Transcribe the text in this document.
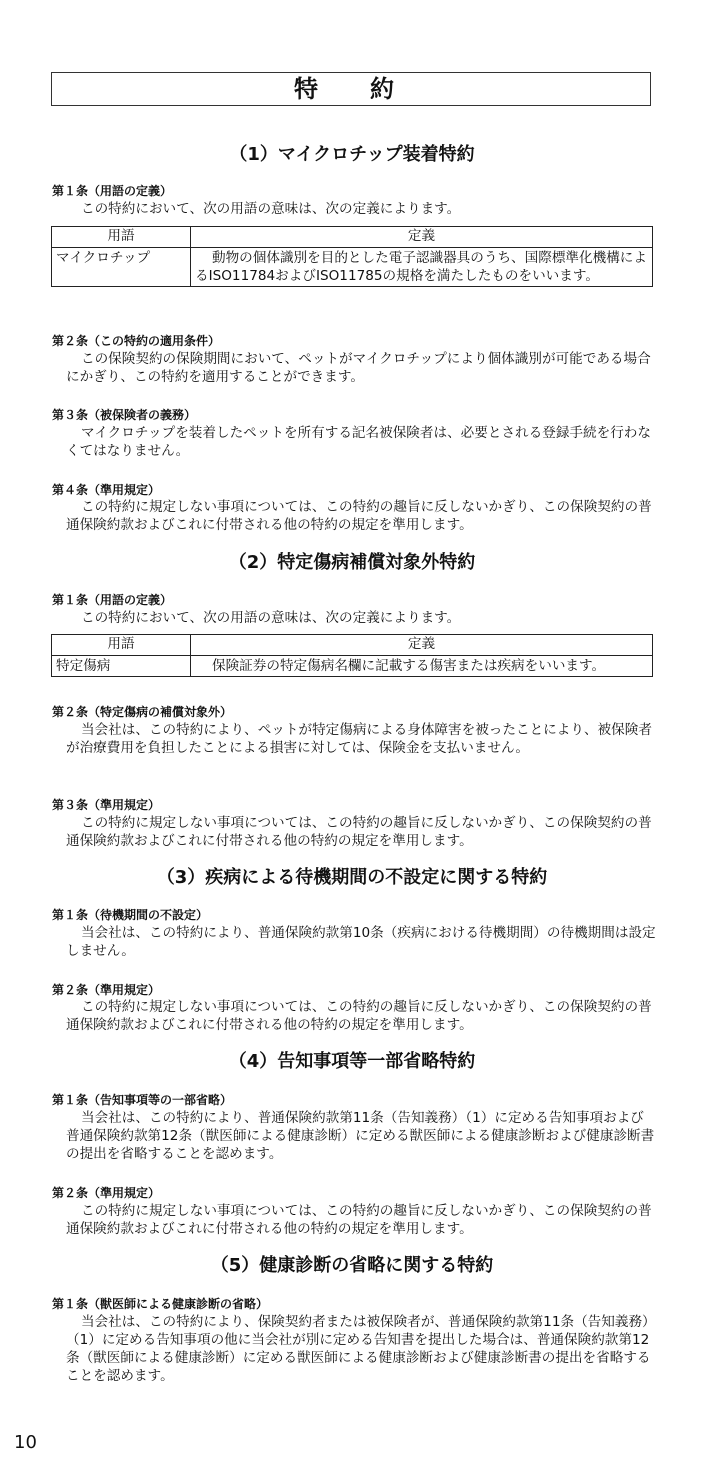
特　約
（1）マイクロチップ装着特約
第１条（用語の定義）

この特約において、次の用語の意味は、次の定義によります。

用語	定義
マイクロチップ	動物の個体識別を目的とした電子認識器具のうち、国際標準化機構によるISO11784およびISO11785の規格を満たしたものをいいます。
第２条（この特約の適用条件）

この保険契約の保険期間において、ペットがマイクロチップにより個体識別が可能である場合にかぎり、この特約を適用することができます。

第３条（被保険者の義務）

マイクロチップを装着したペットを所有する記名被保険者は、必要とされる登録手続を行わなくてはなりません。

第４条（準用規定）

この特約に規定しない事項については、この特約の趣旨に反しないかぎり、この保険契約の普通保険約款およびこれに付帯される他の特約の規定を準用します。

（2）特定傷病補償対象外特約
第１条（用語の定義）

この特約において、次の用語の意味は、次の定義によります。

用語	定義
特定傷病	保険証券の特定傷病名欄に記載する傷害または疾病をいいます。
第２条（特定傷病の補償対象外）

当会社は、この特約により、ペットが特定傷病による身体障害を被ったことにより、被保険者が治療費用を負担したことによる損害に対しては、保険金を支払いません。

第３条（準用規定）

この特約に規定しない事項については、この特約の趣旨に反しないかぎり、この保険契約の普通保険約款およびこれに付帯される他の特約の規定を準用します。

（3）疾病による待機期間の不設定に関する特約
第１条（待機期間の不設定）

当会社は、この特約により、普通保険約款第10条（疾病における待機期間）の待機期間は設定しません。

第２条（準用規定）

この特約に規定しない事項については、この特約の趣旨に反しないかぎり、この保険契約の普通保険約款およびこれに付帯される他の特約の規定を準用します。

（4）告知事項等一部省略特約
第１条（告知事項等の一部省略）

当会社は、この特約により、普通保険約款第11条（告知義務）（1）に定める告知事項および普通保険約款第12条（獣医師による健康診断）に定める獣医師による健康診断および健康診断書の提出を省略することを認めます。

第２条（準用規定）

この特約に規定しない事項については、この特約の趣旨に反しないかぎり、この保険契約の普通保険約款およびこれに付帯される他の特約の規定を準用します。

（5）健康診断の省略に関する特約
第１条（獣医師による健康診断の省略）

当会社は、この特約により、保険契約者または被保険者が、普通保険約款第11条（告知義務）（1）に定める告知事項の他に当会社が別に定める告知書を提出した場合は、普通保険約款第12条（獣医師による健康診断）に定める獣医師による健康診断および健康診断書の提出を省略することを認めます。

10
